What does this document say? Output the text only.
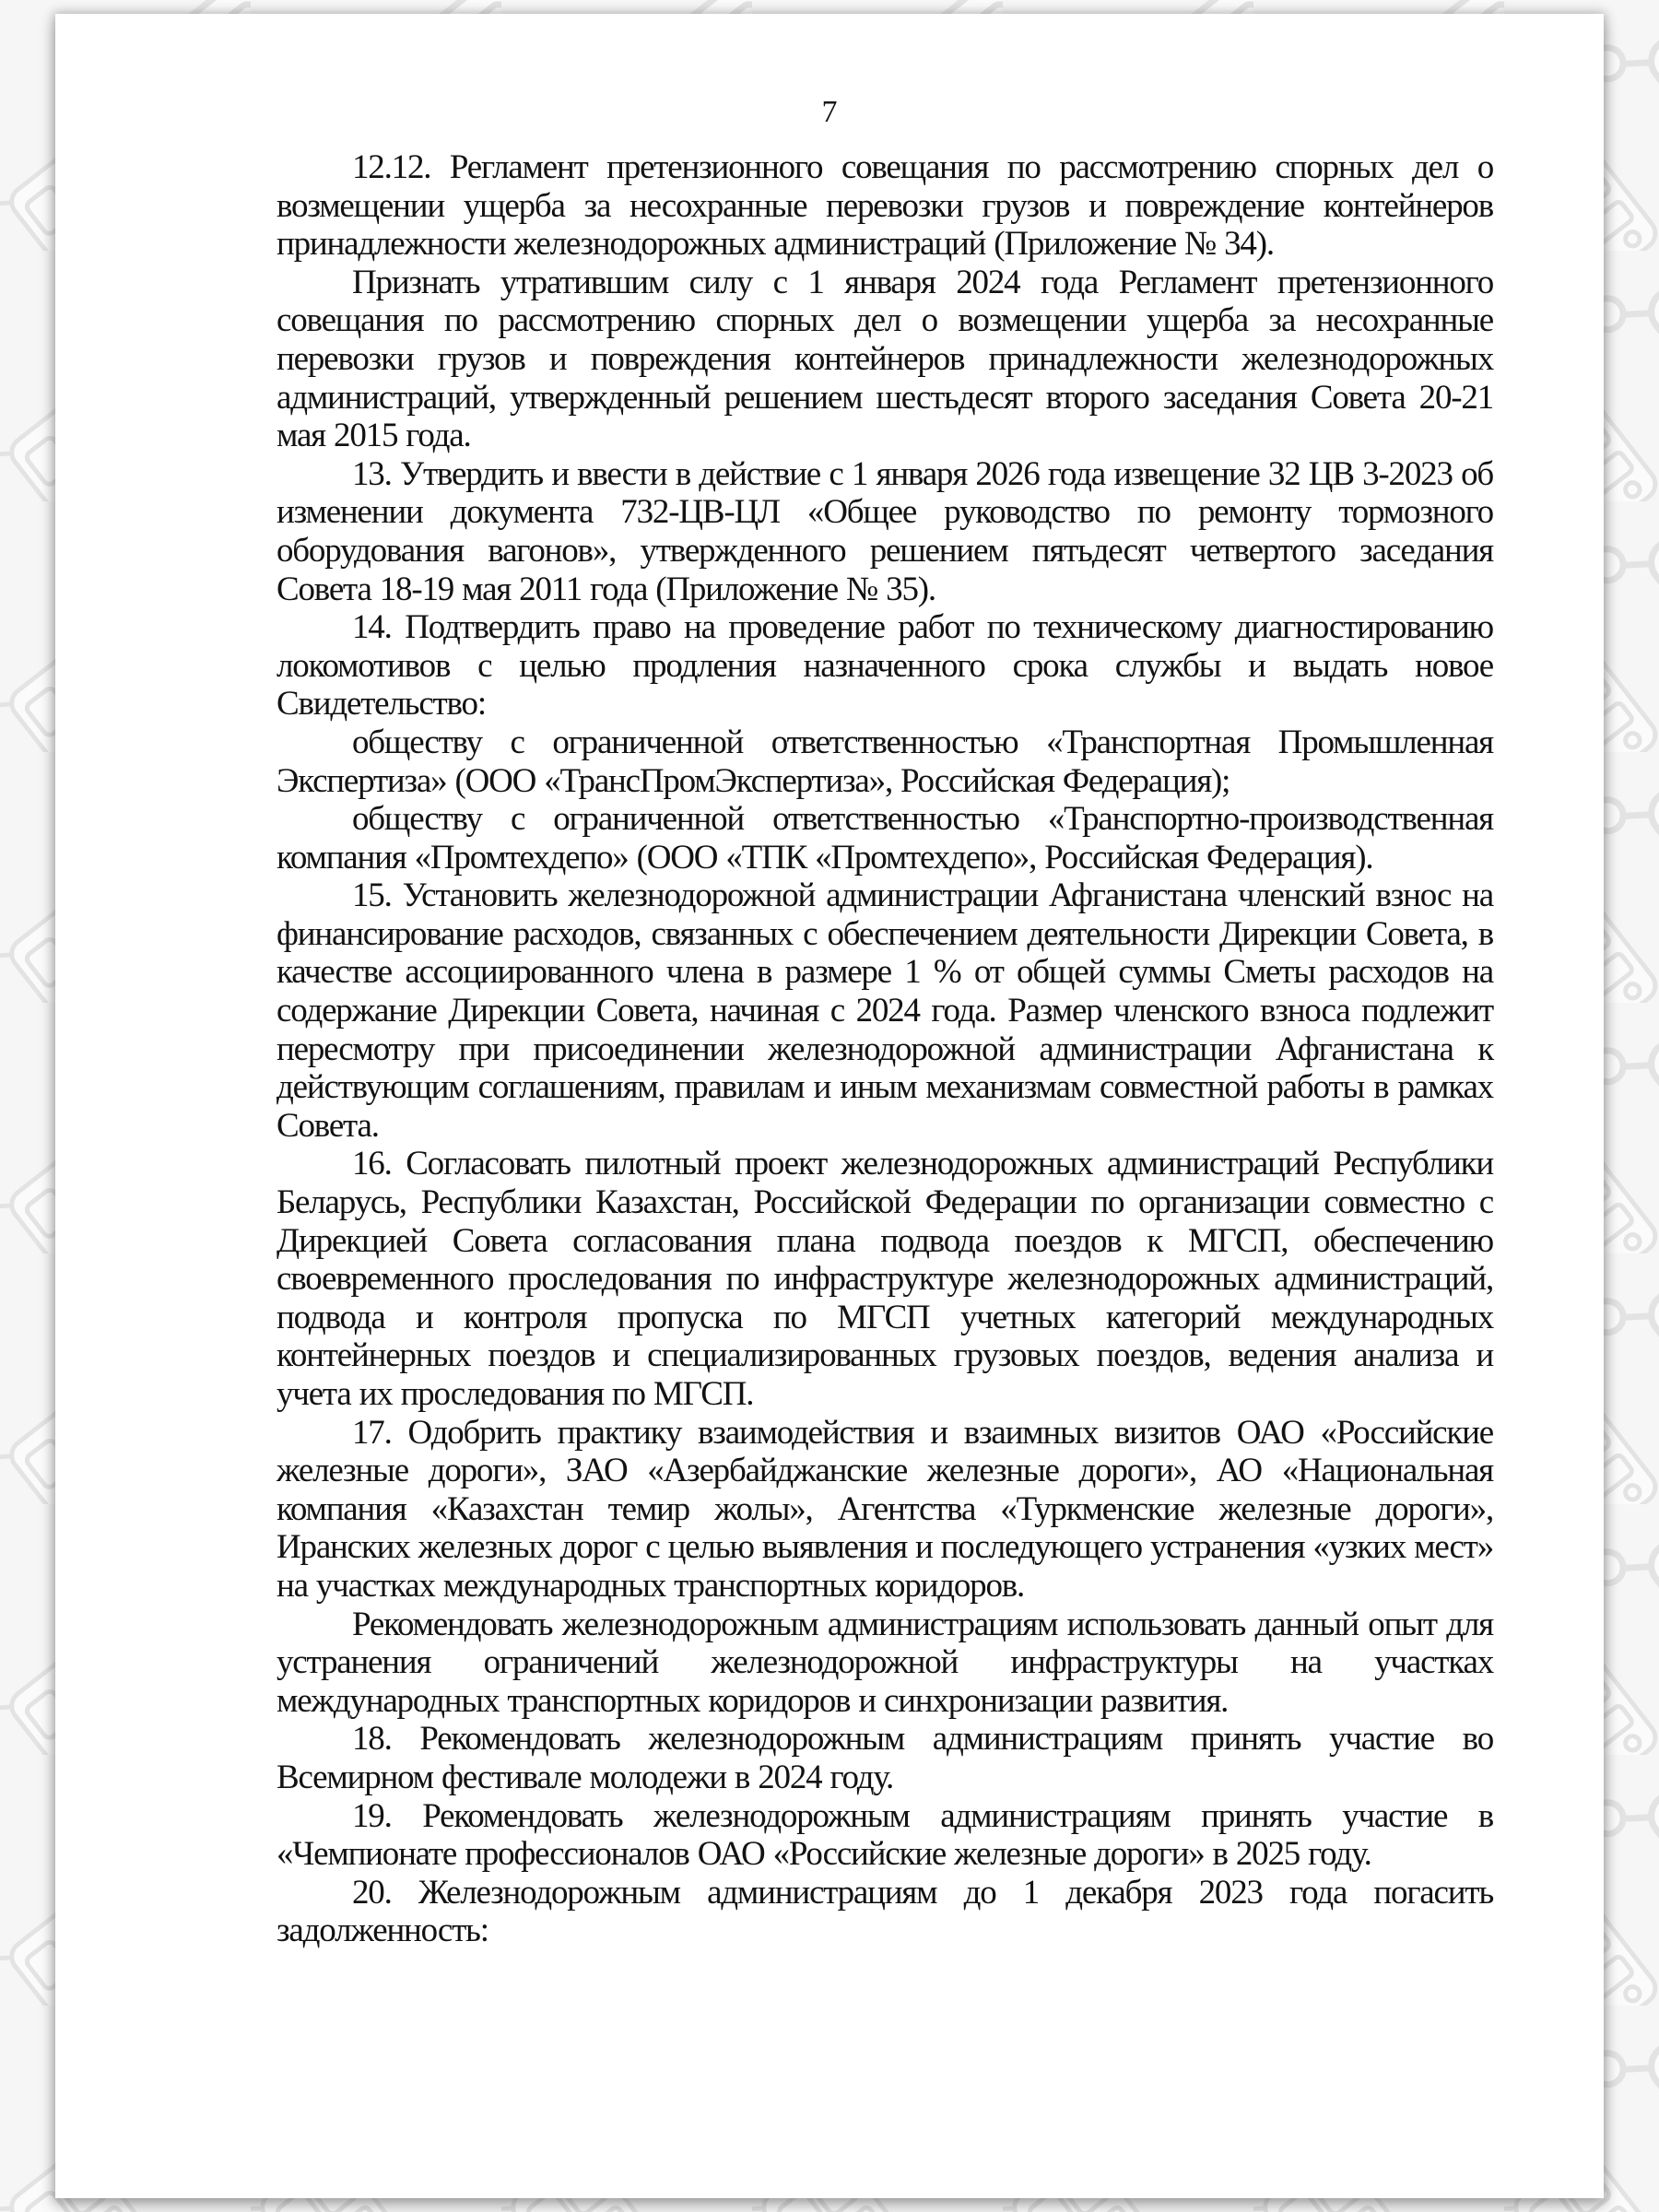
7

12.12. Регламент претензионного совещания по рассмотрению спорных дел о возмещении ущерба за несохранные перевозки грузов и повреждение контейнеров принадлежности железнодорожных администраций (Приложение № 34).

Признать утратившим силу с 1 января 2024 года Регламент претензионного совещания по рассмотрению спорных дел о возмещении ущерба за несохранные перевозки грузов и повреждения контейнеров принадлежности железнодорожных администраций, утвержденный решением шестьдесят второго заседания Совета 20-21 мая 2015 года.

13. Утвердить и ввести в действие с 1 января 2026 года извещение 32 ЦВ 3-2023 об изменении документа 732-ЦВ-ЦЛ «Общее руководство по ремонту тормозного оборудования вагонов», утвержденного решением пятьдесят четвертого заседания Совета 18-19 мая 2011 года (Приложение № 35).

14. Подтвердить право на проведение работ по техническому диагностированию локомотивов с целью продления назначенного срока службы и выдать новое Свидетельство:

обществу с ограниченной ответственностью «Транспортная Промышленная Экспертиза» (ООО «ТрансПромЭкспертиза», Российская Федерация);

обществу с ограниченной ответственностью «Транспортно-производственная компания «Промтехдепо» (ООО «ТПК «Промтехдепо», Российская Федерация).

15. Установить железнодорожной администрации Афганистана членский взнос на финансирование расходов, связанных с обеспечением деятельности Дирекции Совета, в качестве ассоциированного члена в размере 1 % от общей суммы Сметы расходов на содержание Дирекции Совета, начиная с 2024 года. Размер членского взноса подлежит пересмотру при присоединении железнодорожной администрации Афганистана к действующим соглашениям, правилам и иным механизмам совместной работы в рамках Совета.

16. Согласовать пилотный проект железнодорожных администраций Республики Беларусь, Республики Казахстан, Российской Федерации по организации совместно с Дирекцией Совета согласования плана подвода поездов к МГСП, обеспечению своевременного проследования по инфраструктуре железнодорожных администраций, подвода и контроля пропуска по МГСП учетных категорий международных контейнерных поездов и специализированных грузовых поездов, ведения анализа и учета их проследования по МГСП.

17. Одобрить практику взаимодействия и взаимных визитов ОАО «Российские железные дороги», ЗАО «Азербайджанские железные дороги», АО «Национальная компания «Казахстан темир жолы», Агентства «Туркменские железные дороги», Иранских железных дорог с целью выявления и последующего устранения «узких мест» на участках международных транспортных коридоров.

Рекомендовать железнодорожным администрациям использовать данный опыт для устранения ограничений железнодорожной инфраструктуры на участках международных транспортных коридоров и синхронизации развития.

18. Рекомендовать железнодорожным администрациям принять участие во Всемирном фестивале молодежи в 2024 году.

19. Рекомендовать железнодорожным администрациям принять участие в «Чемпионате профессионалов ОАО «Российские железные дороги» в 2025 году.

20. Железнодорожным администрациям до 1 декабря 2023 года погасить задолженность:
